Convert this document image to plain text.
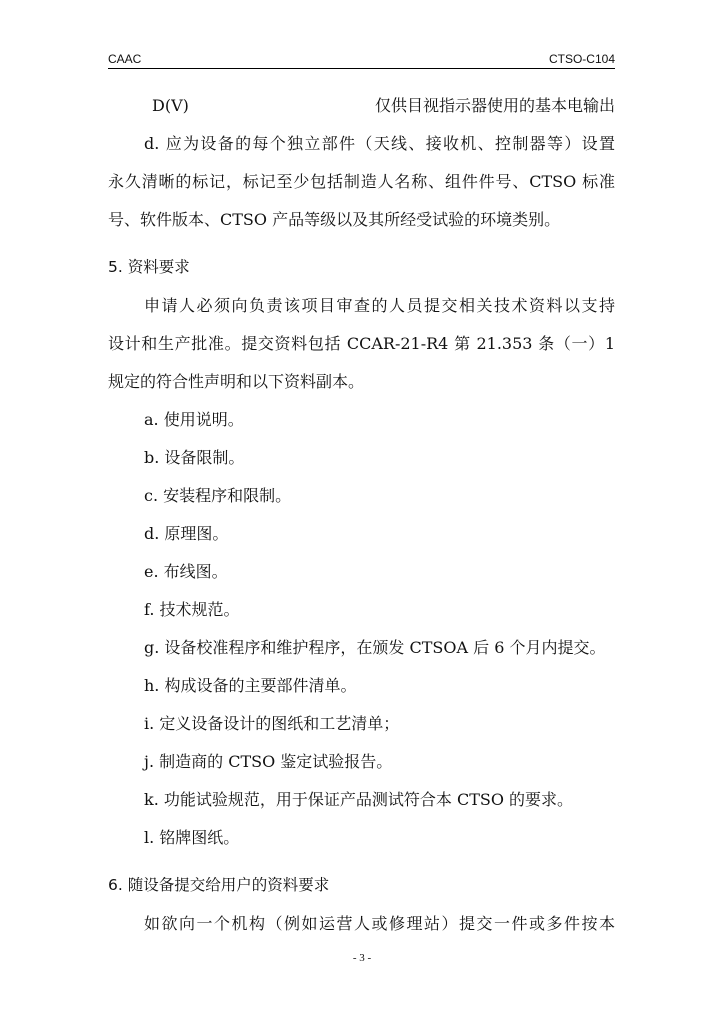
CAAC	CTSO-C104
D(V)	仅供目视指示器使用的基本电输出
d. 应为设备的每个独立部件（天线、接收机、控制器等）设置
永久清晰的标记，标记至少包括制造人名称、组件件号、CTSO 标准
号、软件版本、CTSO 产品等级以及其所经受试验的环境类别。
5. 资料要求
申请人必须向负责该项目审查的人员提交相关技术资料以支持
设计和生产批准。提交资料包括 CCAR-21-R4 第 21.353 条（一）1
规定的符合性声明和以下资料副本。
a. 使用说明。
b. 设备限制。
c. 安装程序和限制。
d. 原理图。
e. 布线图。
f. 技术规范。
g. 设备校准程序和维护程序，在颁发 CTSOA 后 6 个月内提交。
h. 构成设备的主要部件清单。
i. 定义设备设计的图纸和工艺清单；
j. 制造商的 CTSO 鉴定试验报告。
k. 功能试验规范，用于保证产品测试符合本 CTSO 的要求。
l. 铭牌图纸。
6. 随设备提交给用户的资料要求
如欲向一个机构（例如运营人或修理站）提交一件或多件按本
- 3 -
